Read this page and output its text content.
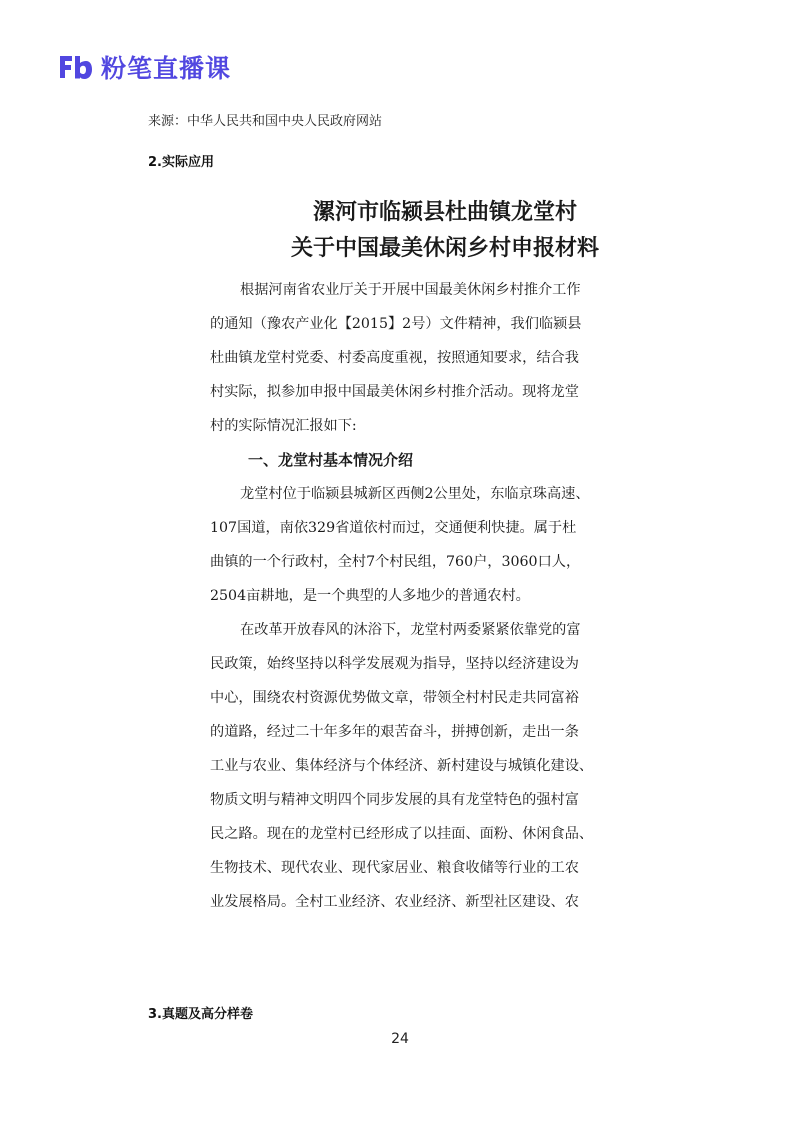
粉笔直播课
来源：中华人民共和国中央人民政府网站
2.实际应用
漯河市临颍县杜曲镇龙堂村
关于中国最美休闲乡村申报材料
根据河南省农业厅关于开展中国最美休闲乡村推介工作
的通知（豫农产业化【2015】2号）文件精神，我们临颍县
杜曲镇龙堂村党委、村委高度重视，按照通知要求，结合我
村实际，拟参加申报中国最美休闲乡村推介活动。现将龙堂
村的实际情况汇报如下:
一、龙堂村基本情况介绍
龙堂村位于临颍县城新区西侧2公里处，东临京珠高速、
107国道，南依329省道依村而过，交通便利快捷。属于杜
曲镇的一个行政村，全村7个村民组，760户，3060口人，
2504亩耕地，是一个典型的人多地少的普通农村。
在改革开放春风的沐浴下，龙堂村两委紧紧依靠党的富
民政策，始终坚持以科学发展观为指导，坚持以经济建设为
中心，围绕农村资源优势做文章，带领全村村民走共同富裕
的道路，经过二十年多年的艰苦奋斗，拼搏创新，走出一条
工业与农业、集体经济与个体经济、新村建设与城镇化建设、
物质文明与精神文明四个同步发展的具有龙堂特色的强村富
民之路。现在的龙堂村已经形成了以挂面、面粉、休闲食品、
生物技术、现代农业、现代家居业、粮食收储等行业的工农
业发展格局。全村工业经济、农业经济、新型社区建设、农
3.真题及高分样卷
24
